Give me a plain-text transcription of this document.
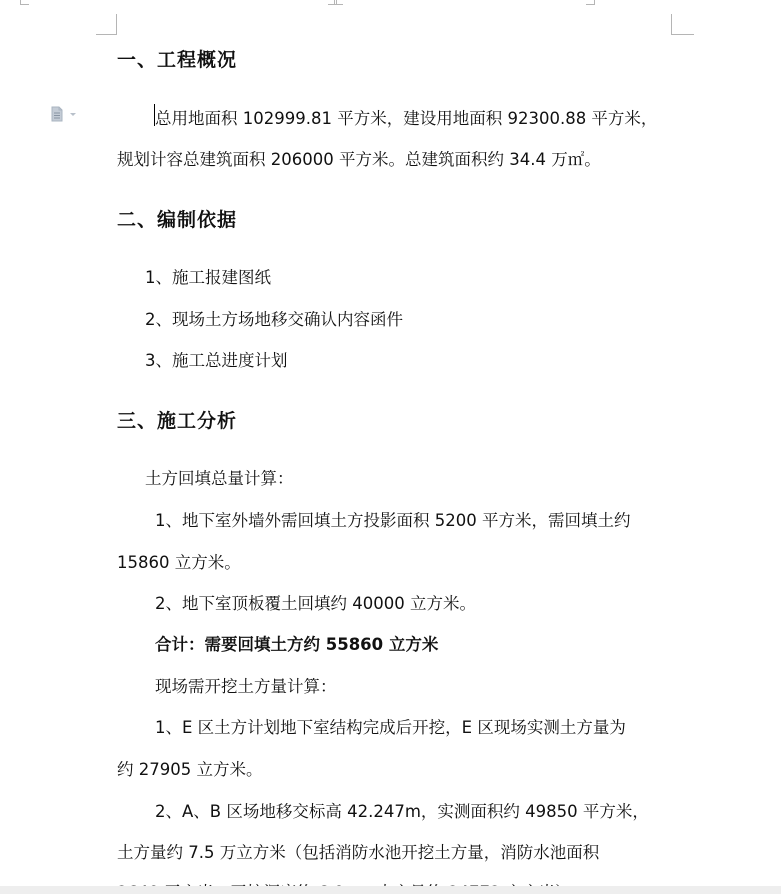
一、工程概况
总用地面积 102999.81 平方米，建设用地面积 92300.88 平方米，
规划计容总建筑面积 206000 平方米。总建筑面积约 34.4 万㎡。
二、编制依据
1、施工报建图纸
2、现场土方场地移交确认内容函件
3、施工总进度计划
三、施工分析
土方回填总量计算：
1、地下室外墙外需回填土方投影面积 5200 平方米，需回填土约
15860 立方米。
2、地下室顶板覆土回填约 40000 立方米。
合计：需要回填土方约 55860 立方米
现场需开挖土方量计算：
1、E 区土方计划地下室结构完成后开挖，E 区现场实测土方量为
约 27905 立方米。
2、A、B 区场地移交标高 42.247m，实测面积约 49850 平方米，
土方量约 7.5 万立方米（包括消防水池开挖土方量，消防水池面积
